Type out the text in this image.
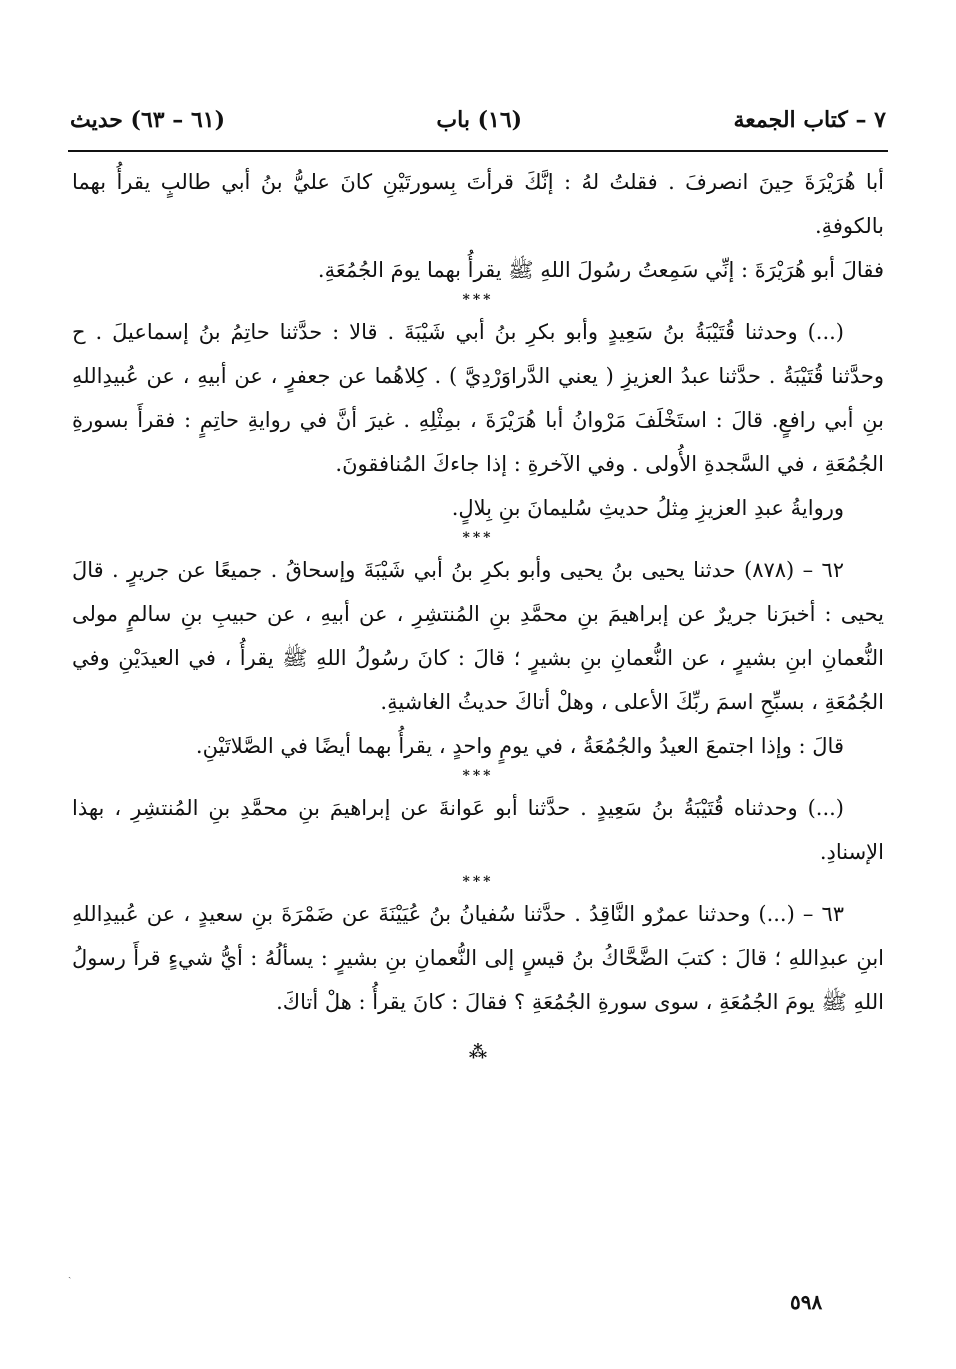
٧ – كتاب الجمعة
(١٦) باب
(٦١ – ٦٣) حديث
أبا هُرَيْرَةَ حِينَ انصرفَ . فقلتُ لهُ : إنَّكَ قرأتَ بِسورتَيْنِ كانَ عليُّ بنُ أبي طالبٍ يقرأُ بهما بالكوفةِ.
فقالَ أبو هُرَيْرَةَ : إنِّي سَمِعتُ رسُولَ اللهِ ﷺ يقرأُ بهما يومَ الجُمُعَةِ.
***
(...) وحدثنا قُتَيْبَةُ بنُ سَعِيدٍ وأبو بكرِ بنُ أبي شَيْبَةَ . قالا : حدَّثنا حاتِمُ بنُ إسماعيلَ . ح وحدَّثنا قُتَيْبَةُ . حدَّثنا عبدُ العزيزِ ( يعني الدَّراوَرْدِيَّ ) . كِلاهُما عن جعفرٍ ، عن أبيهِ ، عن عُبيدِاللهِ بنِ أبي رافعٍ. قالَ : استَخْلَفَ مَرْوانُ أبا هُرَيْرَةَ ، بمِثْلِهِ . غيرَ أنَّ في روايةِ حاتِمٍ : فقرأَ بسورةِ الجُمُعَةِ ، في السَّجدةِ الأُولى . وفي الآخرةِ : إذا جاءكَ المُنافقونَ.
وروايةُ عبدِ العزيزِ مِثلُ حديثِ سُليمانَ بنِ بِلالٍ.
***
٦٢ – (٨٧٨) حدثنا يحيى بنُ يحيى وأبو بكرِ بنُ أبي شَيْبَةَ وإسحاقُ . جميعًا عن جريرٍ . قالَ يحيى : أخبرَنا جريرٌ عن إبراهيمَ بنِ محمَّدِ بنِ المُنتشِرِ ، عن أبيهِ ، عن حبيبِ بنِ سالمٍ مولى النُّعمانِ ابنِ بشيرٍ ، عن النُّعمانِ بنِ بشيرٍ ؛ قالَ : كانَ رسُولُ اللهِ ﷺ يقرأُ ، في العيدَيْنِ وفي الجُمُعَةِ ، بسبِّحِ اسمَ ربِّكَ الأعلى ، وهلْ أتاكَ حديثُ الغاشيةِ.
قالَ : وإذا اجتمعَ العيدُ والجُمُعَةُ ، في يومٍ واحدٍ ، يقرأُ بهما أيضًا في الصَّلاتَيْنِ.
***
(...) وحدثناه قُتَيْبَةُ بنُ سَعِيدٍ . حدَّثنا أبو عَوانةَ عن إبراهيمَ بنِ محمَّدِ بنِ المُنتشِرِ ، بهذا الإسنادِ.
***
٦٣ – (...) وحدثنا عمرٌو النَّاقِدُ . حدَّثنا سُفيانُ بنُ عُيَيْنَةَ عن ضَمْرَةَ بنِ سعيدٍ ، عن عُبيدِاللهِ ابنِ عبدِاللهِ ؛ قالَ : كتبَ الضَّحَّاكُ بنُ قيسٍ إلى النُّعمانِ بنِ بشيرٍ : يسألُهُ : أيُّ شيءٍ قرأَ رسولُ اللهِ ﷺ يومَ الجُمُعَةِ ، سوى سورةِ الجُمُعَةِ ؟ فقالَ : كانَ يقرأُ : هلْ أتاكَ.
⁂
ˎ
٥٩٨
